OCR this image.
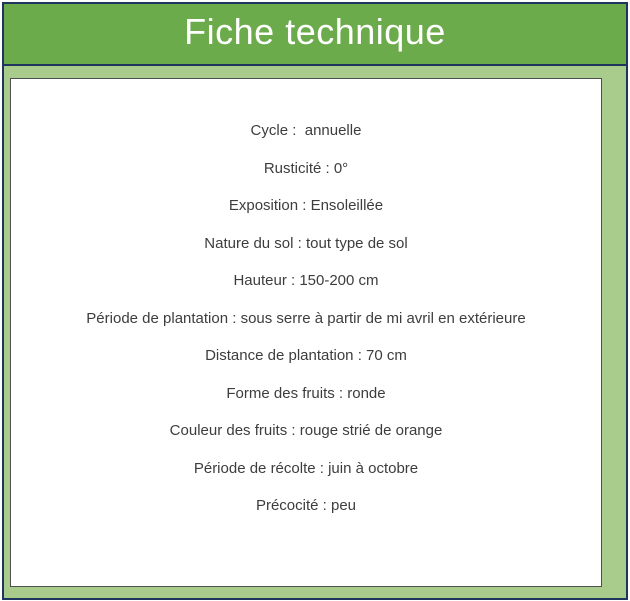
Fiche technique
Cycle :  annuelle
Rusticité : 0°
Exposition : Ensoleillée
Nature du sol : tout type de sol
Hauteur : 150-200 cm
Période de plantation : sous serre à partir de mi avril en extérieure
Distance de plantation : 70 cm
Forme des fruits : ronde
Couleur des fruits : rouge strié de orange
Période de récolte : juin à octobre
Précocité : peu
